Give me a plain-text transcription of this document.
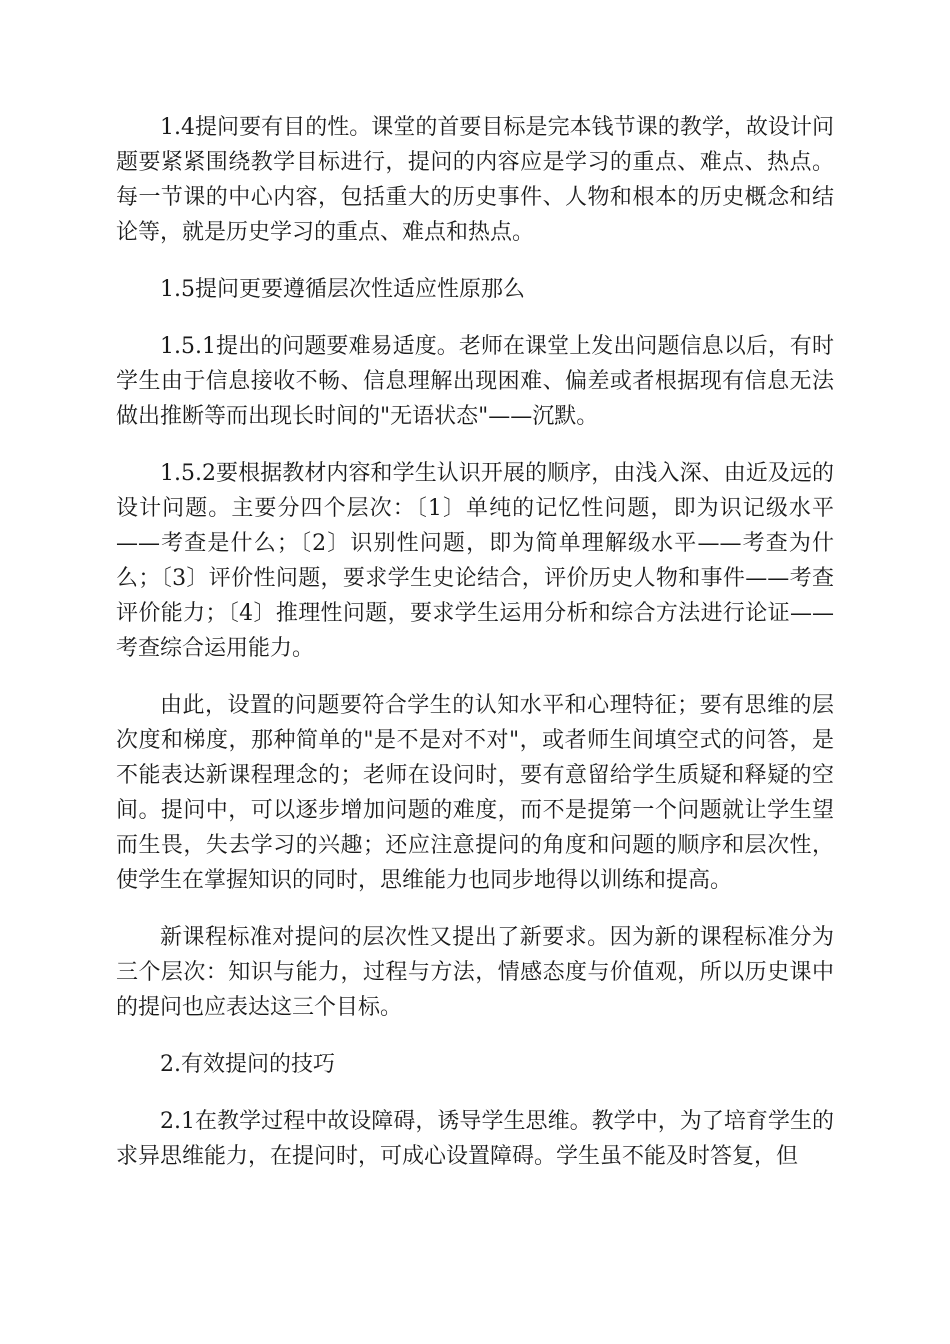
1.4提问要有目的性。课堂的首要目标是完本钱节课的教学，故设计问题要紧紧围绕教学目标进行，提问的内容应是学习的重点、难点、热点。每一节课的中心内容，包括重大的历史事件、人物和根本的历史概念和结论等，就是历史学习的重点、难点和热点。

1.5提问更要遵循层次性适应性原那么

1.5.1提出的问题要难易适度。老师在课堂上发出问题信息以后，有时学生由于信息接收不畅、信息理解出现困难、偏差或者根据现有信息无法做出推断等而出现长时间的"无语状态"——沉默。

1.5.2要根据教材内容和学生认识开展的顺序，由浅入深、由近及远的设计问题。主要分四个层次：〔1〕单纯的记忆性问题，即为识记级水平——考查是什么；〔2〕识别性问题，即为简单理解级水平——考查为什么；〔3〕评价性问题，要求学生史论结合，评价历史人物和事件——考查评价能力；〔4〕推理性问题，要求学生运用分析和综合方法进行论证——考查综合运用能力。

由此，设置的问题要符合学生的认知水平和心理特征；要有思维的层次度和梯度，那种简单的"是不是对不对"，或者师生间填空式的问答，是不能表达新课程理念的；老师在设问时，要有意留给学生质疑和释疑的空间。提问中，可以逐步增加问题的难度，而不是提第一个问题就让学生望而生畏，失去学习的兴趣；还应注意提问的角度和问题的顺序和层次性，使学生在掌握知识的同时，思维能力也同步地得以训练和提高。

新课程标准对提问的层次性又提出了新要求。因为新的课程标准分为三个层次：知识与能力，过程与方法，情感态度与价值观，所以历史课中的提问也应表达这三个目标。

2.有效提问的技巧

2.1在教学过程中故设障碍，诱导学生思维。教学中，为了培育学生的求异思维能力，在提问时，可成心设置障碍。学生虽不能及时答复，但
